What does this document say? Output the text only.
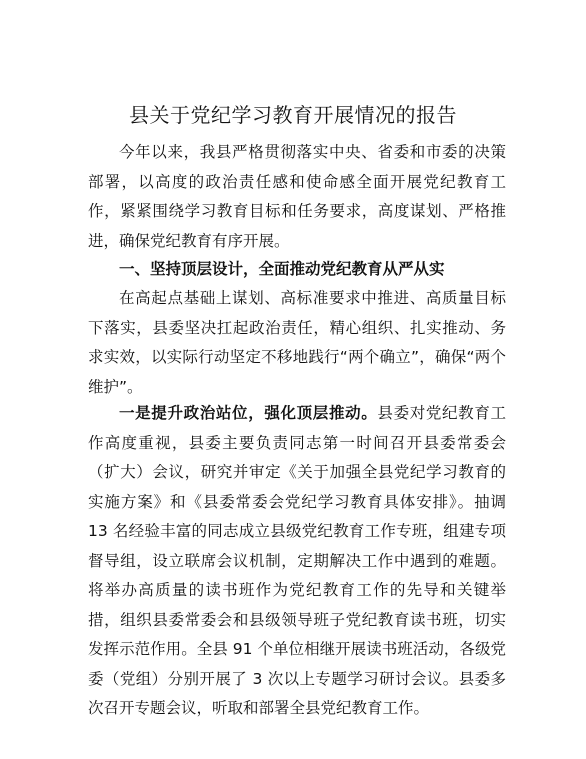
县关于党纪学习教育开展情况的报告

今年以来，我县严格贯彻落实中央、省委和市委的决策部署，以高度的政治责任感和使命感全面开展党纪教育工作，紧紧围绕学习教育目标和任务要求，高度谋划、严格推进，确保党纪教育有序开展。

一、坚持顶层设计，全面推动党纪教育从严从实

在高起点基础上谋划、高标准要求中推进、高质量目标下落实，县委坚决扛起政治责任，精心组织、扎实推动、务求实效，以实际行动坚定不移地践行“两个确立”，确保“两个维护”。

一是提升政治站位，强化顶层推动。县委对党纪教育工作高度重视，县委主要负责同志第一时间召开县委常委会（扩大）会议，研究并审定《关于加强全县党纪学习教育的实施方案》和《县委常委会党纪学习教育具体安排》。抽调 13 名经验丰富的同志成立县级党纪教育工作专班，组建专项督导组，设立联席会议机制，定期解决工作中遇到的难题。将举办高质量的读书班作为党纪教育工作的先导和关键举措，组织县委常委会和县级领导班子党纪教育读书班，切实发挥示范作用。全县 91 个单位相继开展读书班活动，各级党委（党组）分别开展了 3 次以上专题学习研讨会议。县委多次召开专题会议，听取和部署全县党纪教育工作。
